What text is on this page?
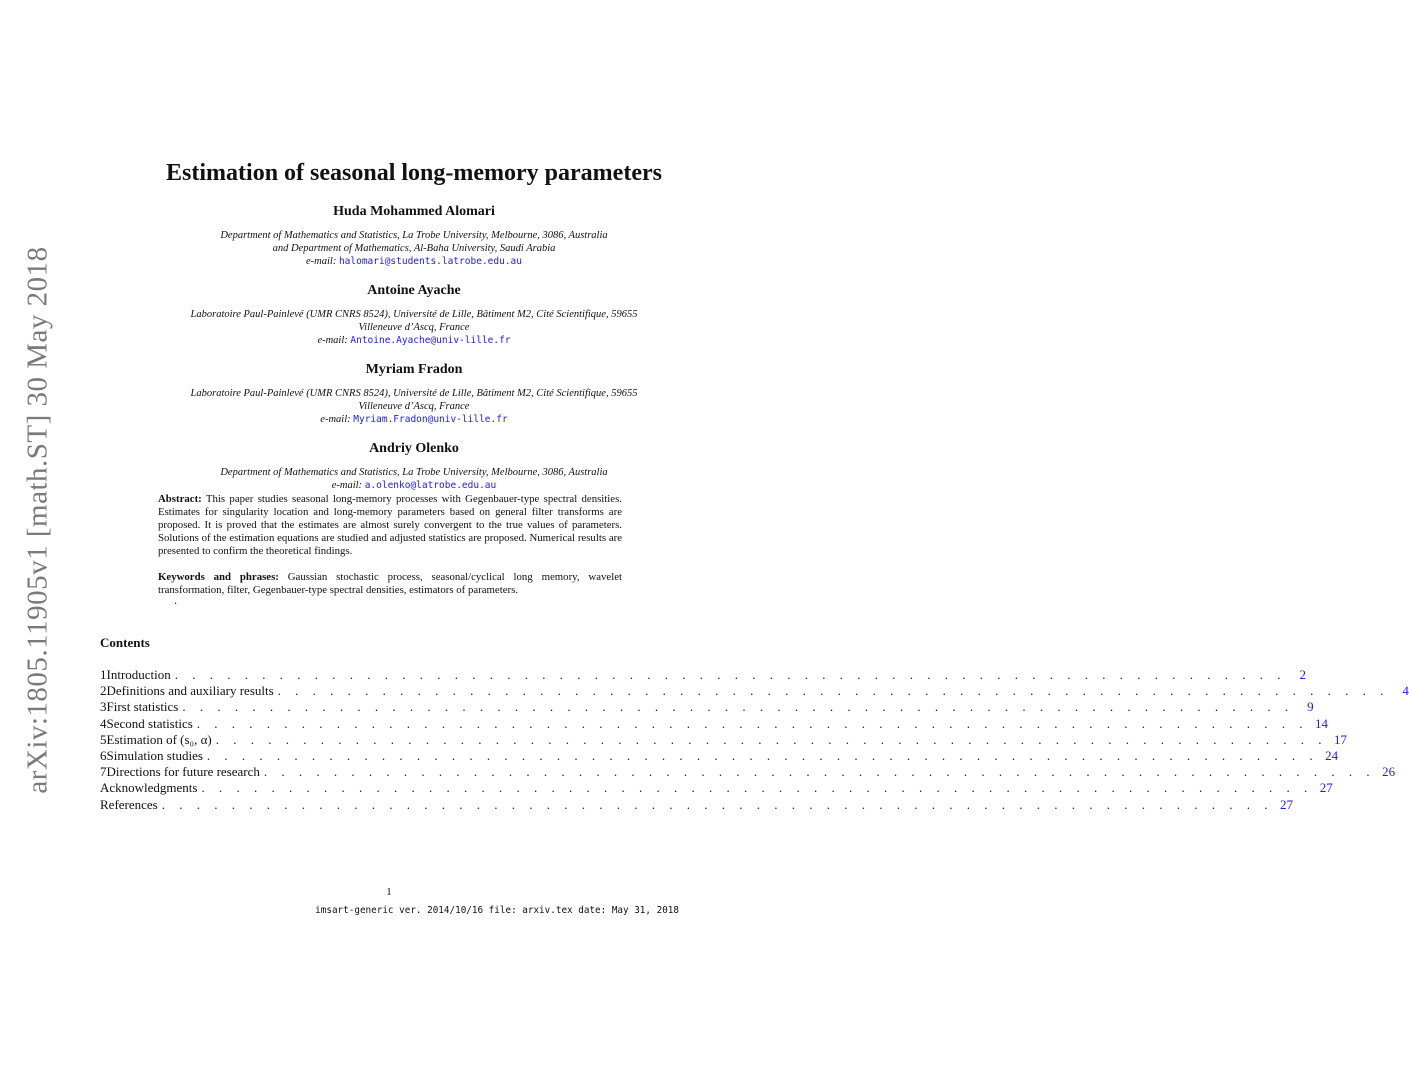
arXiv:1805.11905v1 [math.ST] 30 May 2018
Estimation of seasonal long-memory parameters
Huda Mohammed Alomari
Department of Mathematics and Statistics, La Trobe University, Melbourne, 3086, Australia
and Department of Mathematics, Al-Baha University, Saudi Arabia
e-mail: halomari@students.latrobe.edu.au
Antoine Ayache
Laboratoire Paul-Painlevé (UMR CNRS 8524), Université de Lille, Bâtiment M2, Cité Scientifique, 59655
Villeneuve d’Ascq, France
e-mail: Antoine.Ayache@univ-lille.fr
Myriam Fradon
Laboratoire Paul-Painlevé (UMR CNRS 8524), Université de Lille, Bâtiment M2, Cité Scientifique, 59655
Villeneuve d’Ascq, France
e-mail: Myriam.Fradon@univ-lille.fr
Andriy Olenko
Department of Mathematics and Statistics, La Trobe University, Melbourne, 3086, Australia
e-mail: a.olenko@latrobe.edu.au
Abstract: This paper studies seasonal long-memory processes with Gegenbauer-type spectral densities. Estimates for singularity location and long-memory parameters based on general filter transforms are proposed. It is proved that the estimates are almost surely convergent to the true values of parameters. Solutions of the estimation equations are studied and adjusted statistics are proposed. Numerical results are presented to confirm the theoretical findings.
Keywords and phrases: Gaussian stochastic process, seasonal/cyclical long memory, wavelet transformation, filter, Gegenbauer-type spectral densities, estimators of parameters.
.
Contents
1 Introduction . . . . . . . . . . . . . . . . . . . . . . . . . . . . . . . . . . . . . . . . . . . . . . . . . . . . . . . . . . . . . . . .	2
2 Definitions and auxiliary results . . . . . . . . . . . . . . . . . . . . . . . . . . . . . . . . . . . . . . . . . . . . . . . . . . . . . . . . . . . . . . . .	4
3 First statistics . . . . . . . . . . . . . . . . . . . . . . . . . . . . . . . . . . . . . . . . . . . . . . . . . . . . . . . . . . . . . . . .	9
4 Second statistics . . . . . . . . . . . . . . . . . . . . . . . . . . . . . . . . . . . . . . . . . . . . . . . . . . . . . . . . . . . . . . . . 14
5 Estimation of (s₀, α) . . . . . . . . . . . . . . . . . . . . . . . . . . . . . . . . . . . . . . . . . . . . . . . . . . . . . . . . . . . . . . . . 17
6 Simulation studies . . . . . . . . . . . . . . . . . . . . . . . . . . . . . . . . . . . . . . . . . . . . . . . . . . . . . . . . . . . . . . . . 24
7 Directions for future research . . . . . . . . . . . . . . . . . . . . . . . . . . . . . . . . . . . . . . . . . . . . . . . . . . . . . . . . . . . . . . . . 26
Acknowledgments . . . . . . . . . . . . . . . . . . . . . . . . . . . . . . . . . . . . . . . . . . . . . . . . . . . . . . . . . . . . . . . . 27
References . . . . . . . . . . . . . . . . . . . . . . . . . . . . . . . . . . . . . . . . . . . . . . . . . . . . . . . . . . . . . . . . 27
1
imsart-generic ver. 2014/10/16 file: arxiv.tex date: May 31, 2018
